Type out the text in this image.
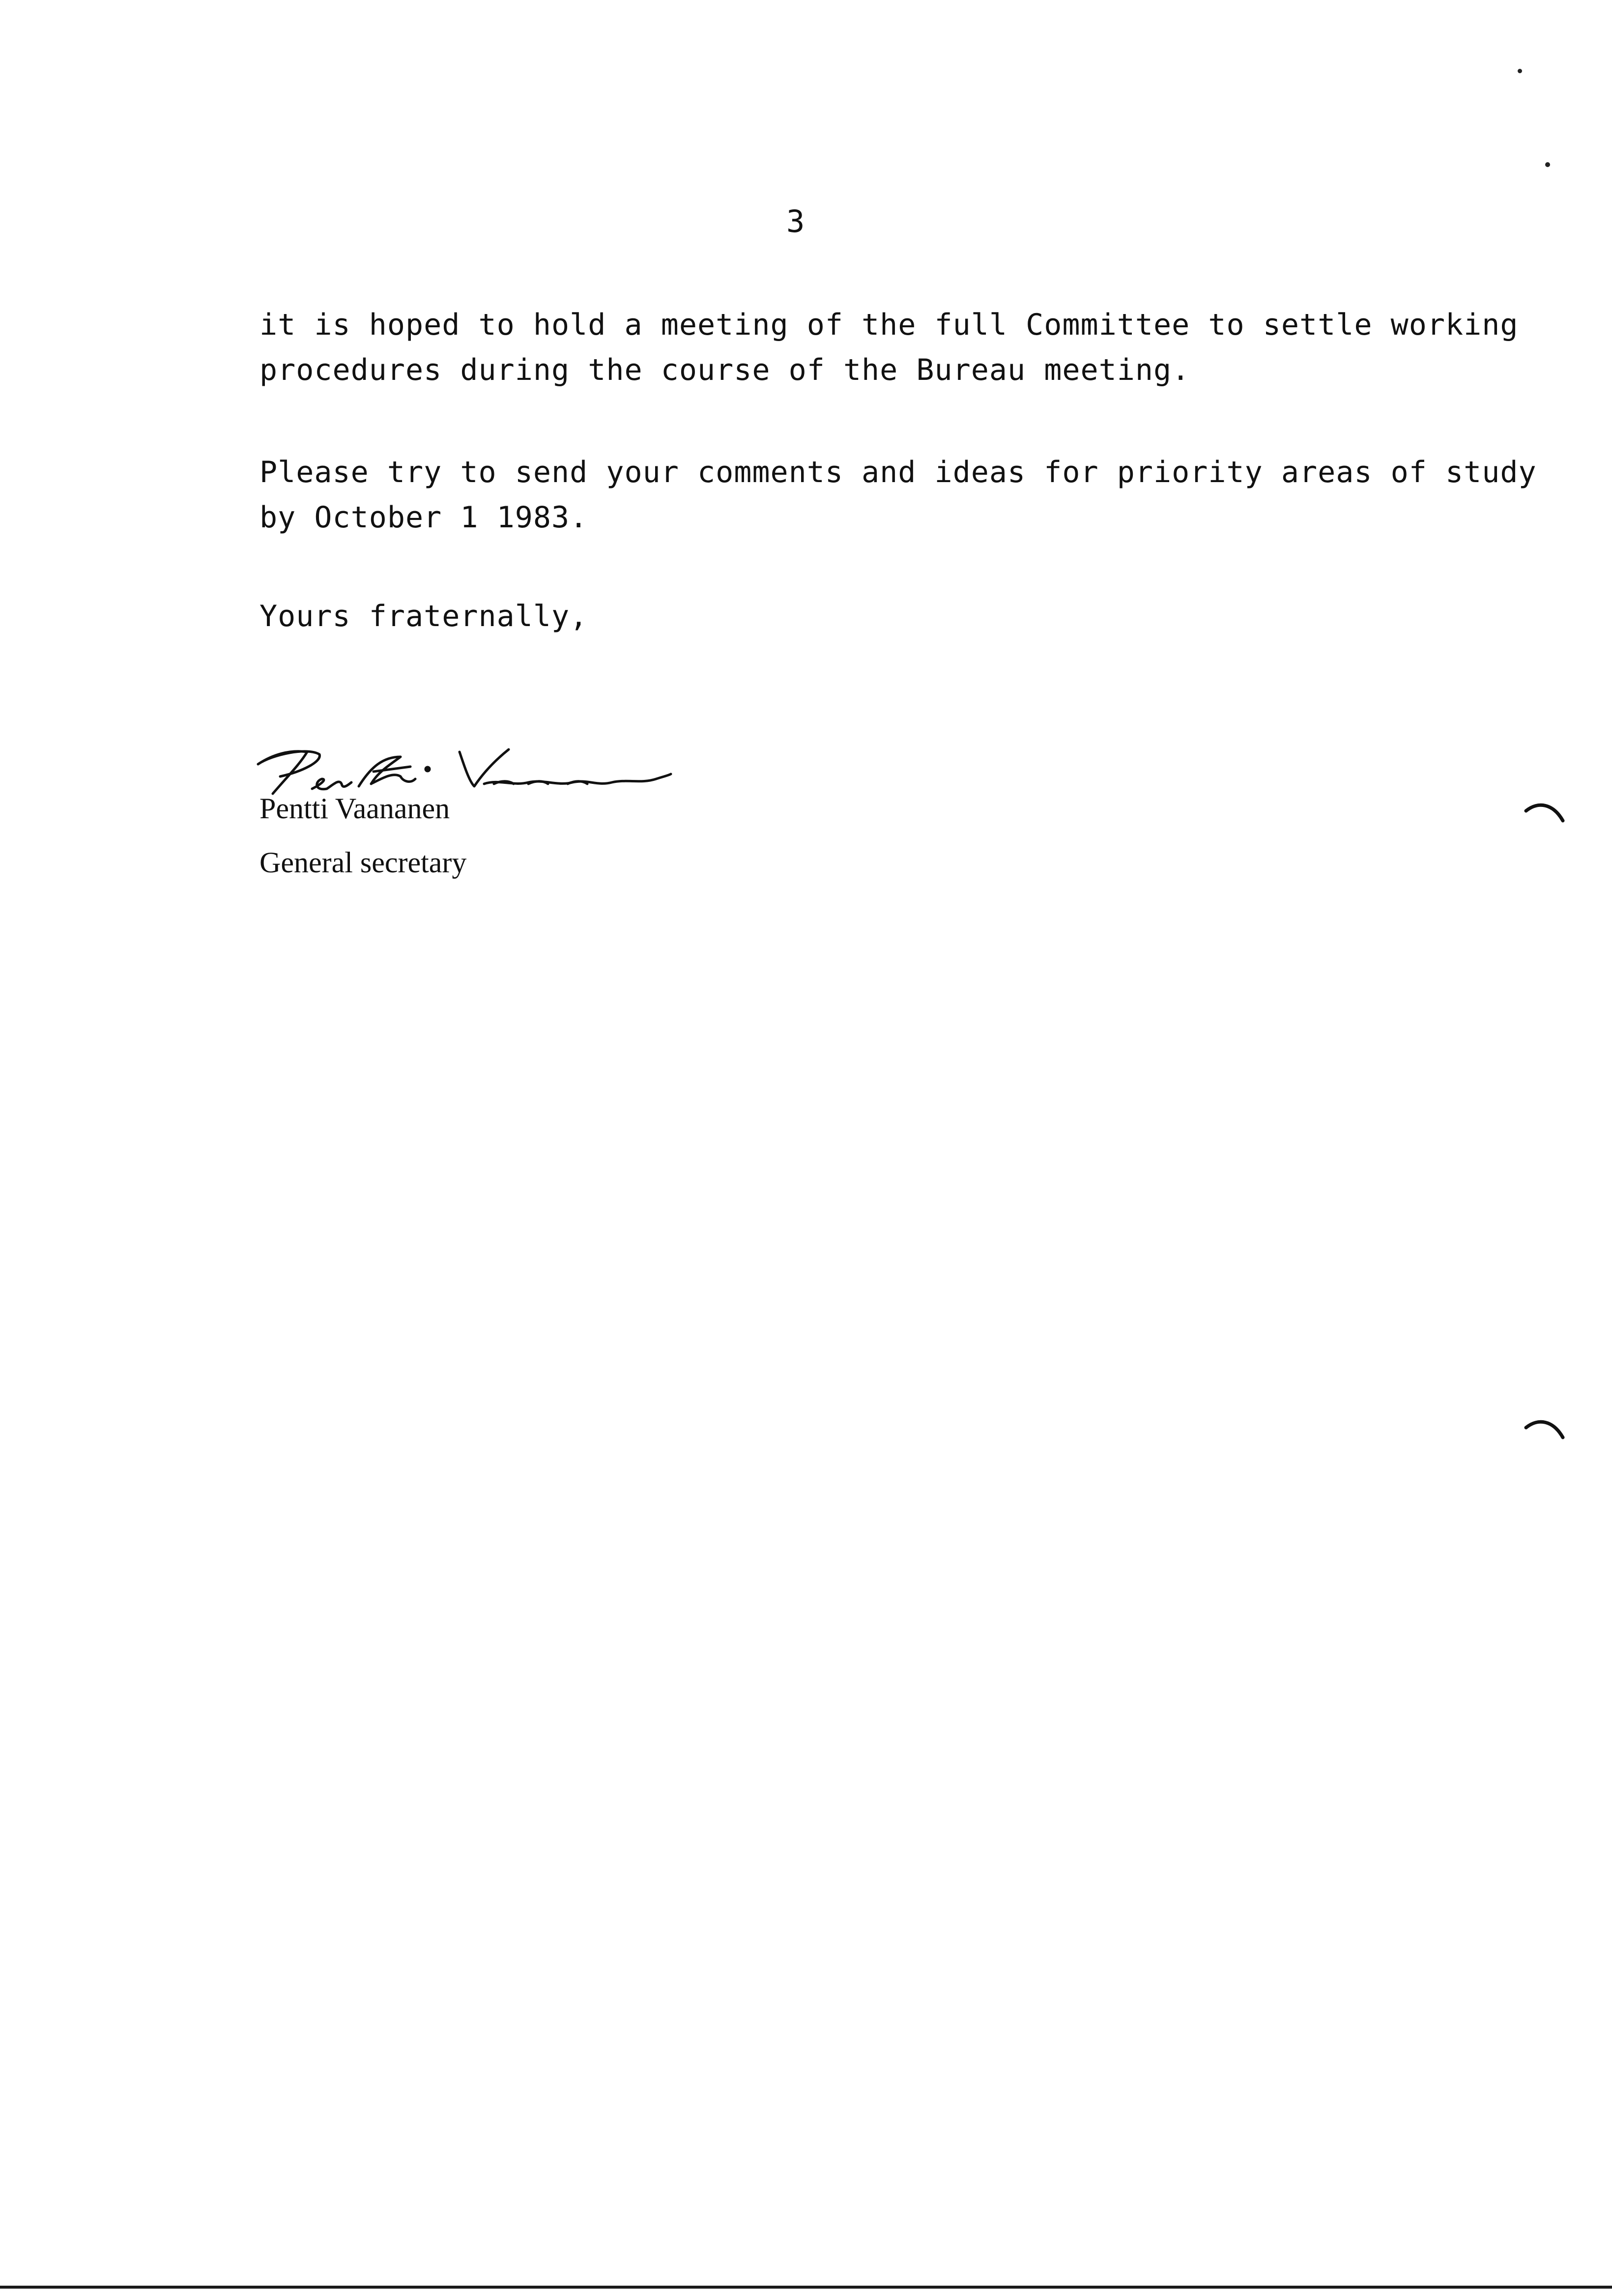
3
it is hoped to hold a meeting of the full Committee to settle working
procedures during the course of the Bureau meeting.
Please try to send your comments and ideas for priority areas of study
by October 1 1983.
Yours fraternally,
Pentti Vaananen
General secretary
